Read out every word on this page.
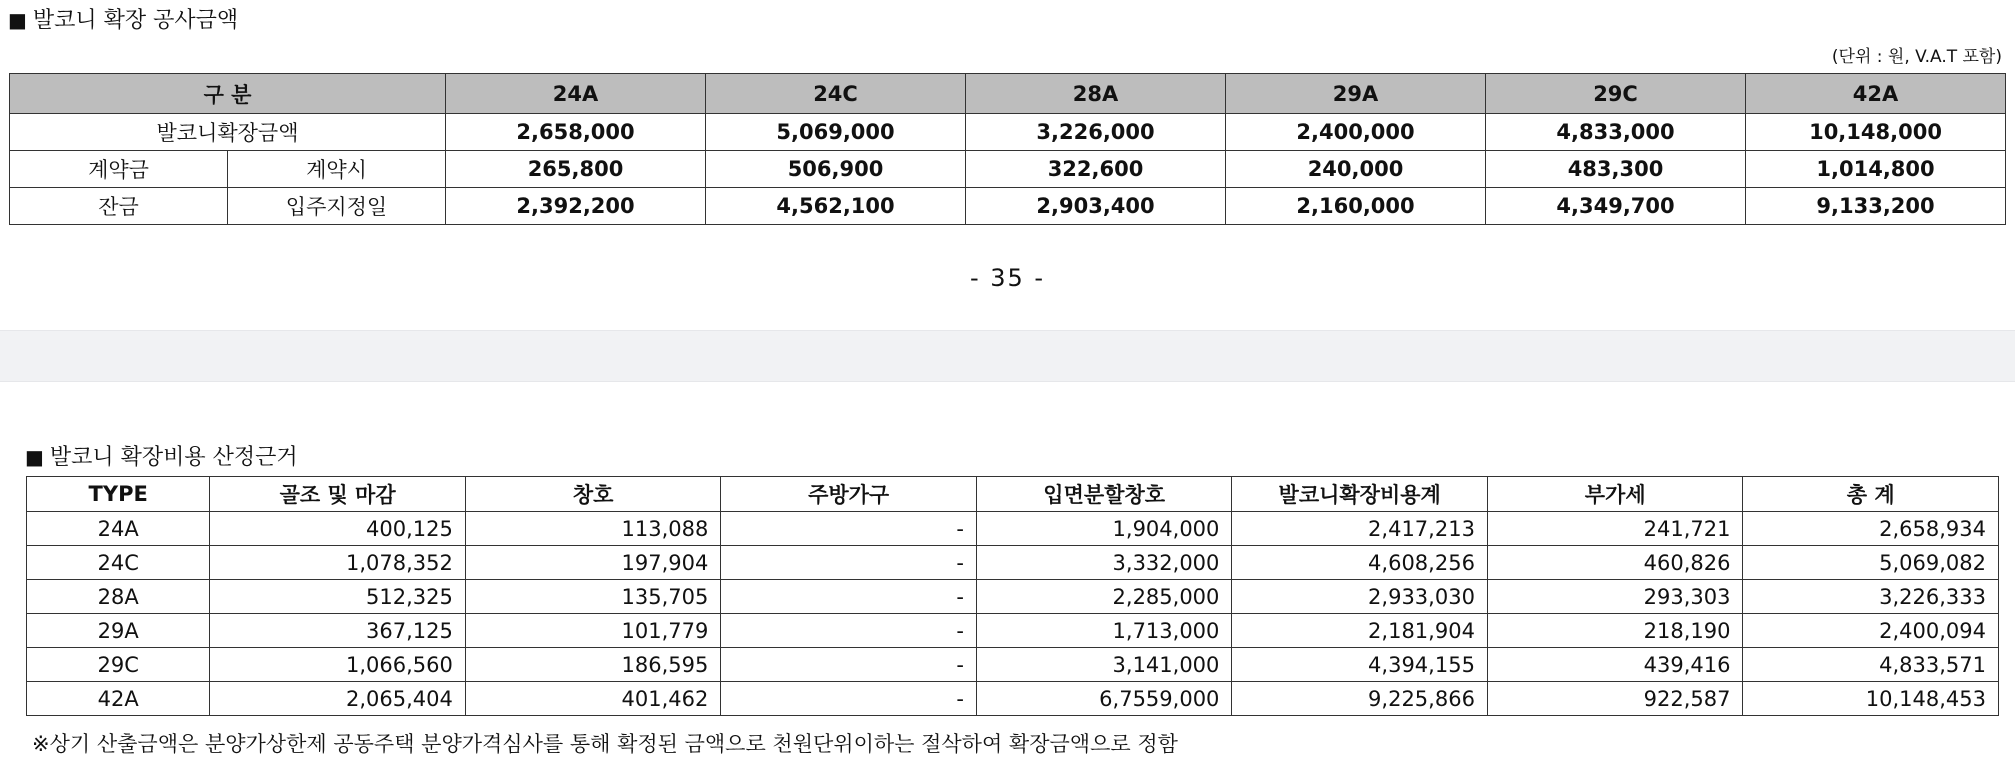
■ 발코니 확장 공사금액
(단위 : 원, V.A.T 포함)
구 분		24A	24C	28A	29A	29C	42A
발코니확장금액		2,658,000	5,069,000	3,226,000	2,400,000	4,833,000	10,148,000
계약금	계약시	265,800	506,900	322,600	240,000	483,300	1,014,800
잔금	입주지정일	2,392,200	4,562,100	2,903,400	2,160,000	4,349,700	9,133,200
- 35 -
■ 발코니 확장비용 산정근거
TYPE	골조 및 마감	창호	주방가구	입면분할창호	발코니확장비용계	부가세	총 계
24A	400,125	113,088	-	1,904,000	2,417,213	241,721	2,658,934
24C	1,078,352	197,904	-	3,332,000	4,608,256	460,826	5,069,082
28A	512,325	135,705	-	2,285,000	2,933,030	293,303	3,226,333
29A	367,125	101,779	-	1,713,000	2,181,904	218,190	2,400,094
29C	1,066,560	186,595	-	3,141,000	4,394,155	439,416	4,833,571
42A	2,065,404	401,462	-	6,7559,000	9,225,866	922,587	10,148,453
※상기 산출금액은 분양가상한제 공동주택 분양가격심사를 통해 확정된 금액으로 천원단위이하는 절삭하여 확장금액으로 정함
